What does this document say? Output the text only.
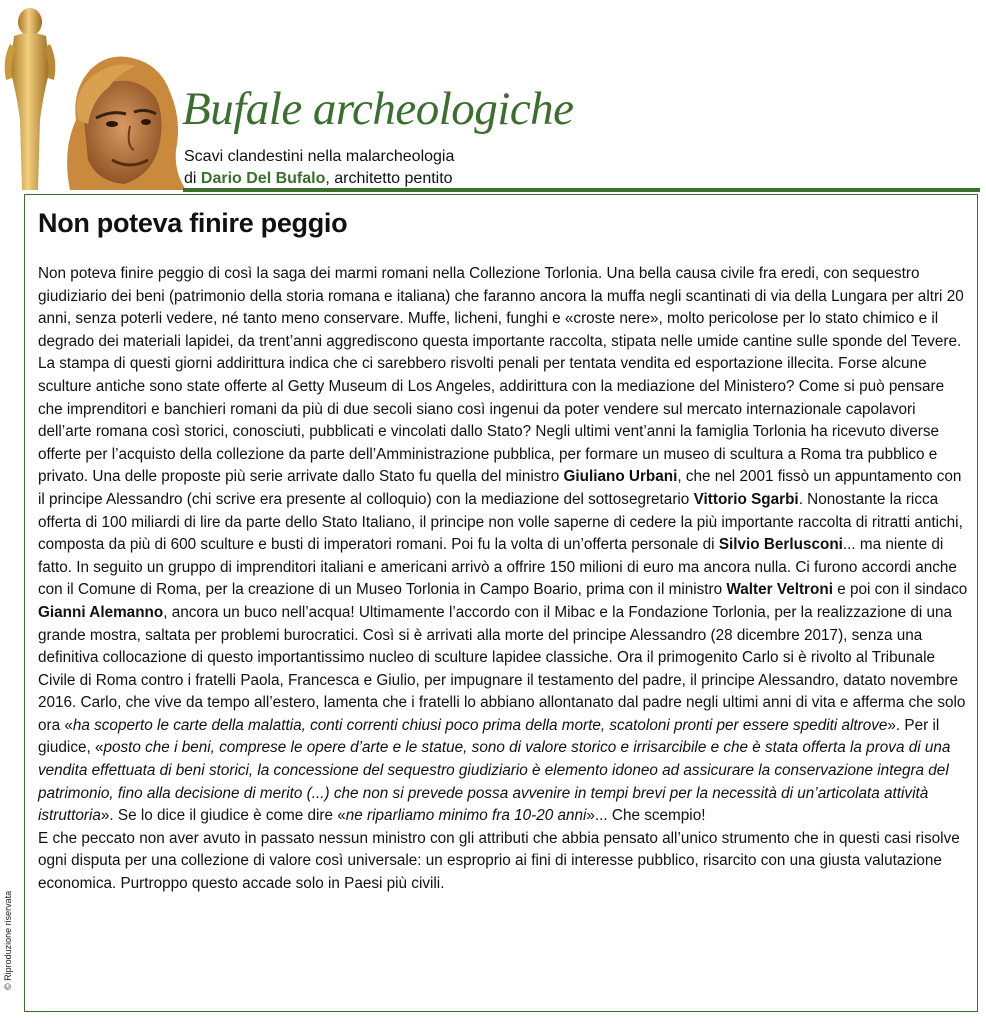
Bufale archeologiche
Scavi clandestini nella malarcheologia
di Dario Del Bufalo, architetto pentito
Non poteva finire peggio

Non poteva finire peggio di così la saga dei marmi romani nella Collezione Torlonia. Una bella causa civile fra eredi, con sequestro giudiziario dei beni (patrimonio della storia romana e italiana) che faranno ancora la muffa negli scantinati di via della Lungara per altri 20 anni, senza poterli vedere, né tanto meno conservare. Muffe, licheni, funghi e «croste nere», molto pericolose per lo stato chimico e il degrado dei materiali lapidei, da trent’anni aggrediscono questa importante raccolta, stipata nelle umide cantine sulle sponde del Tevere. La stampa di questi giorni addirittura indica che ci sarebbero risvolti penali per tentata vendita ed esportazione illecita. Forse alcune sculture antiche sono state offerte al Getty Museum di Los Angeles, addirittura con la mediazione del Ministero? Come si può pensare che imprenditori e banchieri romani da più di due secoli siano così ingenui da poter vendere sul mercato internazionale capolavori dell’arte romana così storici, conosciuti, pubblicati e vincolati dallo Stato? Negli ultimi vent’anni la famiglia Torlonia ha ricevuto diverse offerte per l’acquisto della collezione da parte dell’Amministrazione pubblica, per formare un museo di scultura a Roma tra pubblico e privato. Una delle proposte più serie arrivate dallo Stato fu quella del ministro Giuliano Urbani, che nel 2001 fissò un appuntamento con il principe Alessandro (chi scrive era presente al colloquio) con la mediazione del sottosegretario Vittorio Sgarbi. Nonostante la ricca offerta di 100 miliardi di lire da parte dello Stato Italiano, il principe non volle saperne di cedere la più importante raccolta di ritratti antichi, composta da più di 600 sculture e busti di imperatori romani. Poi fu la volta di un’offerta personale di Silvio Berlusconi... ma niente di fatto. In seguito un gruppo di imprenditori italiani e americani arrivò a offrire 150 milioni di euro ma ancora nulla. Ci furono accordi anche con il Comune di Roma, per la creazione di un Museo Torlonia in Campo Boario, prima con il ministro Walter Veltroni e poi con il sindaco Gianni Alemanno, ancora un buco nell’acqua! Ultimamente l’accordo con il Mibac e la Fondazione Torlonia, per la realizzazione di una grande mostra, saltata per problemi burocratici. Così si è arrivati alla morte del principe Alessandro (28 dicembre 2017), senza una definitiva collocazione di questo importantissimo nucleo di sculture lapidee classiche. Ora il primogenito Carlo si è rivolto al Tribunale Civile di Roma contro i fratelli Paola, Francesca e Giulio, per impugnare il testamento del padre, il principe Alessandro, datato novembre 2016. Carlo, che vive da tempo all’estero, lamenta che i fratelli lo abbiano allontanato dal padre negli ultimi anni di vita e afferma che solo ora «ha scoperto le carte della malattia, conti correnti chiusi poco prima della morte, scatoloni pronti per essere spediti altrove». Per il giudice, «posto che i beni, comprese le opere d’arte e le statue, sono di valore storico e irrisarcibile e che è stata offerta la prova di una vendita effettuata di beni storici, la concessione del sequestro giudiziario è elemento idoneo ad assicurare la conservazione integra del patrimonio, fino alla decisione di merito (...) che non si prevede possa avvenire in tempi brevi per la necessità di un’articolata attività istruttoria». Se lo dice il giudice è come dire «ne riparliamo minimo fra 10-20 anni»... Che scempio!

E che peccato non aver avuto in passato nessun ministro con gli attributi che abbia pensato all’unico strumento che in questi casi risolve ogni disputa per una collezione di valore così universale: un esproprio ai fini di interesse pubblico, risarcito con una giusta valutazione economica. Purtroppo questo accade solo in Paesi più civili.

© Riproduzione riservata
